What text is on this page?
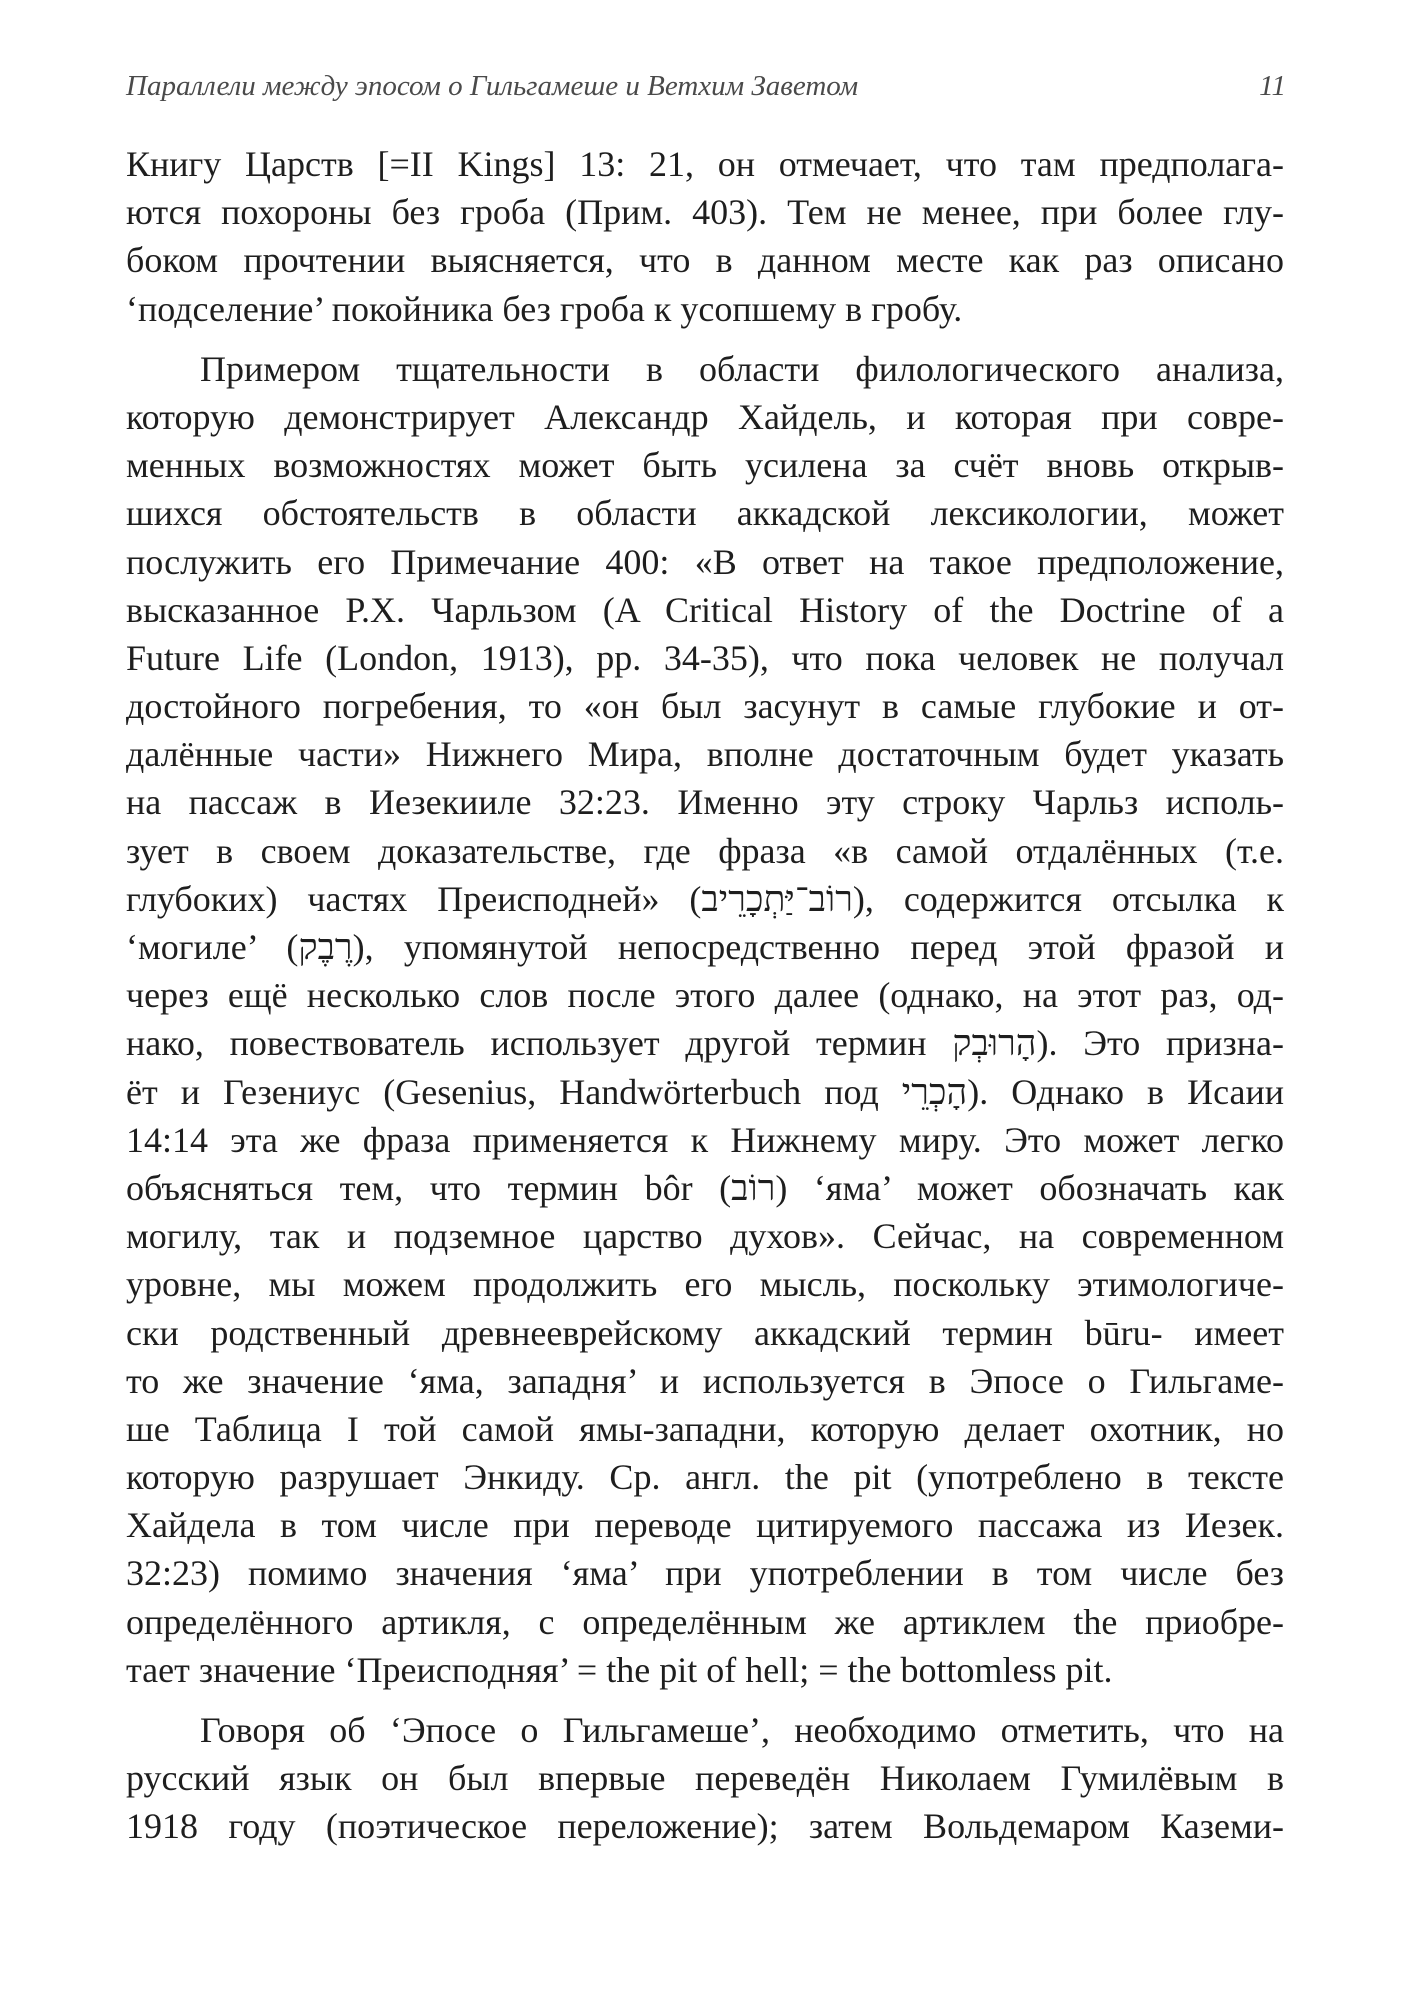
Параллели между эпосом о Гильгамеше и Ветхим Заветом	11
Книгу Царств [=II Kings] 13: 21, он отмечает, что там предполага-
ются похороны без гроба (Прим. 403). Тем не менее, при более глу-
боком прочтении выясняется, что в данном месте как раз описано
‘подселение’ покойника без гроба к усопшему в гробу.
Примером тщательности в области филологического анализа,
которую демонстрирует Александр Хайдель, и которая при совре-
менных возможностях может быть усилена за счёт вновь открыв-
шихся обстоятельств в области аккадской лексикологии, может
послужить его Примечание 400: «В ответ на такое предположение,
высказанное Р.Х. Чарльзом (A Critical History of the Doctrine of a
Future Life (London, 1913), pp. 34-35), что пока человек не получал
достойного погребения, то «он был засунут в самые глубокие и от-
далённые части» Нижнего Мира, вполне достаточным будет указать
на пассаж в Иезекииле 32:23. Именно эту строку Чарльз исполь-
зует в своем доказательстве, где фраза «в самой отдалённых (т.е.
глубоких) частях Преисподней» (רוֹב־יַּתְכָרֵיב), содержится отсылка к
‘могиле’ (רֶבֶק), упомянутой непосредственно перед этой фразой и
через ещё несколько слов после этого далее (однако, на этот раз, од-
нако, повествователь использует другой термин הָרוּבְק). Это призна-
ёт и Гезениус (Gesenius, Handwörterbuch под הָכְרֵי). Однако в Исаии
14:14 эта же фраза применяется к Нижнему миру. Это может легко
объясняться тем, что термин bôr (רוֹב) ‘яма’ может обозначать как
могилу, так и подземное царство духов». Сейчас, на современном
уровне, мы можем продолжить его мысль, поскольку этимологиче-
ски родственный древнееврейскому аккадский термин būru- имеет
то же значение ‘яма, западня’ и используется в Эпосе о Гильгаме-
ше Таблица I той самой ямы-западни, которую делает охотник, но
которую разрушает Энкиду. Ср. англ. the pit (употреблено в тексте
Хайдела в том числе при переводе цитируемого пассажа из Иезек.
32:23) помимо значения ‘яма’ при употреблении в том числе без
определённого артикля, с определённым же артиклем the приобре-
тает значение ‘Преисподняя’ = the pit of hell; = the bottomless pit.
Говоря об ‘Эпосе о Гильгамеше’, необходимо отметить, что на
русский язык он был впервые переведён Николаем Гумилёвым в
1918 году (поэтическое переложение); затем Вольдемаром Каземи-
